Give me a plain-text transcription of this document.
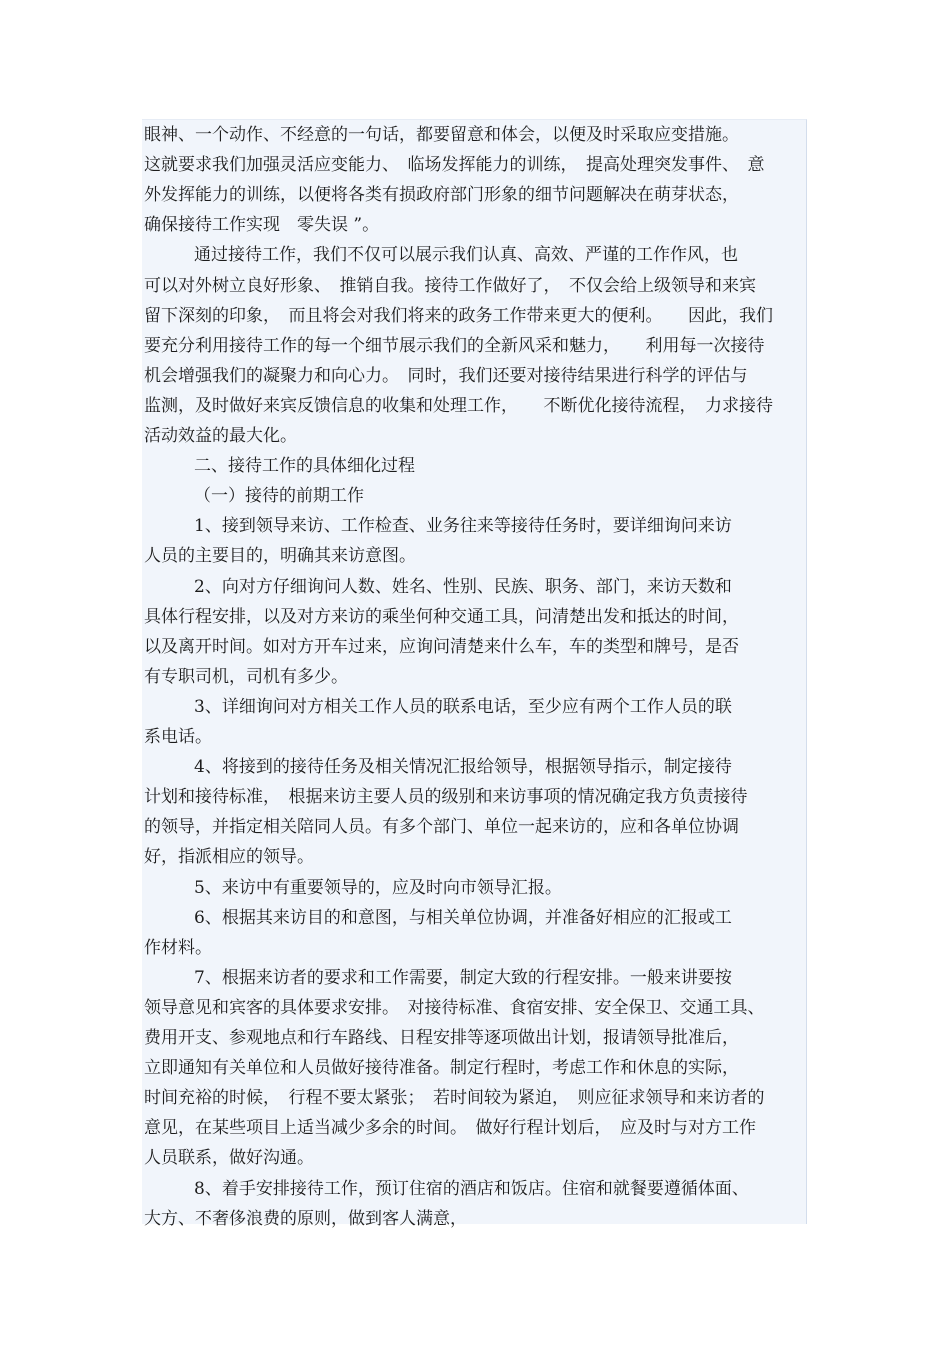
眼神、一个动作、不经意的一句话，都要留意和体会，以便及时采取应变措施。
这就要求我们加强灵活应变能力、　临场发挥能力的训练，　提高处理突发事件、　意
外发挥能力的训练，以便将各类有损政府部门形象的细节问题解决在萌芽状态，
确保接待工作实现　零失误 ”。
通过接待工作，我们不仅可以展示我们认真、高效、严谨的工作作风，也
可以对外树立良好形象、　推销自我。接待工作做好了，　不仅会给上级领导和来宾
留下深刻的印象，　而且将会对我们将来的政务工作带来更大的便利。　　因此，我们
要充分利用接待工作的每一个细节展示我们的全新风采和魅力，　　利用每一次接待
机会增强我们的凝聚力和向心力。　同时，我们还要对接待结果进行科学的评估与
监测，及时做好来宾反馈信息的收集和处理工作，　　不断优化接待流程，　力求接待
活动效益的最大化。
二、接待工作的具体细化过程
（一）接待的前期工作
1、接到领导来访、工作检查、业务往来等接待任务时，要详细询问来访
人员的主要目的，明确其来访意图。
2、向对方仔细询问人数、姓名、性别、民族、职务、部门，来访天数和
具体行程安排，以及对方来访的乘坐何种交通工具，问清楚出发和抵达的时间，
以及离开时间。如对方开车过来，应询问清楚来什么车，车的类型和牌号，是否
有专职司机，司机有多少。
3、详细询问对方相关工作人员的联系电话，至少应有两个工作人员的联
系电话。
4、将接到的接待任务及相关情况汇报给领导，根据领导指示，制定接待
计划和接待标准，　根据来访主要人员的级别和来访事项的情况确定我方负责接待
的领导，并指定相关陪同人员。有多个部门、单位一起来访的，应和各单位协调
好，指派相应的领导。
5、来访中有重要领导的，应及时向市领导汇报。
6、根据其来访目的和意图，与相关单位协调，并准备好相应的汇报或工
作材料。
7、根据来访者的要求和工作需要，制定大致的行程安排。一般来讲要按
领导意见和宾客的具体要求安排。　对接待标准、食宿安排、安全保卫、交通工具、
费用开支、参观地点和行车路线、日程安排等逐项做出计划，报请领导批准后，
立即通知有关单位和人员做好接待准备。制定行程时，考虑工作和休息的实际，
时间充裕的时候，　行程不要太紧张；　若时间较为紧迫，　则应征求领导和来访者的
意见，在某些项目上适当减少多余的时间。　做好行程计划后，　应及时与对方工作
人员联系，做好沟通。
8、着手安排接待工作，预订住宿的酒店和饭店。住宿和就餐要遵循体面、
大方、不奢侈浪费的原则，做到客人满意，
